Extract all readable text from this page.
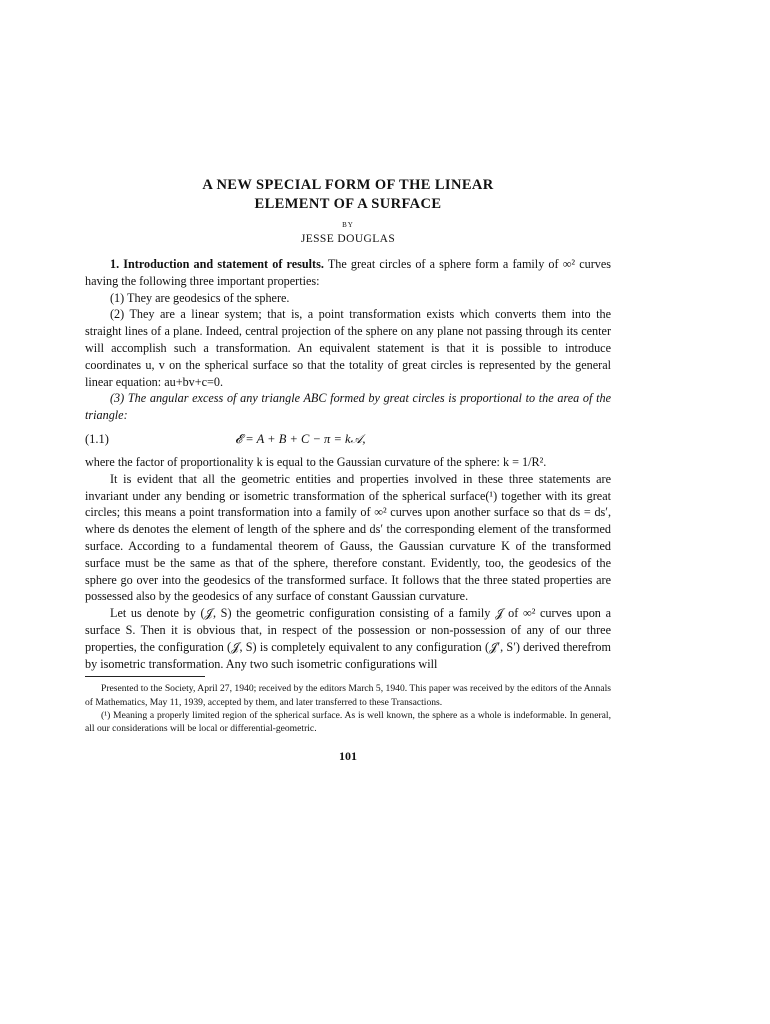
A NEW SPECIAL FORM OF THE LINEAR

ELEMENT OF A SURFACE

BY

JESSE DOUGLAS

1. Introduction and statement of results. The great circles of a sphere form a family of ∞² curves having the following three important properties:

(1) They are geodesics of the sphere.

(2) They are a linear system; that is, a point transformation exists which converts them into the straight lines of a plane. Indeed, central projection of the sphere on any plane not passing through its center will accomplish such a transformation. An equivalent statement is that it is possible to introduce coordinates u, v on the spherical surface so that the totality of great circles is represented by the general linear equation: au+bv+c=0.

(3) The angular excess of any triangle ABC formed by great circles is proportional to the area of the triangle:

(1.1)	𝓔 = A + B + C − π = k𝒜,

where the factor of proportionality k is equal to the Gaussian curvature of the sphere: k = 1/R².

It is evident that all the geometric entities and properties involved in these three statements are invariant under any bending or isometric transformation of the spherical surface(¹) together with its great circles; this means a point transformation into a family of ∞² curves upon another surface so that ds = ds′, where ds denotes the element of length of the sphere and ds′ the corresponding element of the transformed surface. According to a fundamental theorem of Gauss, the Gaussian curvature K of the transformed surface must be the same as that of the sphere, therefore constant. Evidently, too, the geodesics of the sphere go over into the geodesics of the transformed surface. It follows that the three stated properties are possessed also by the geodesics of any surface of constant Gaussian curvature.

Let us denote by (𝒥, S) the geometric configuration consisting of a family 𝒥 of ∞² curves upon a surface S. Then it is obvious that, in respect of the possession or non-possession of any of our three properties, the configuration (𝒥, S) is completely equivalent to any configuration (𝒥′, S′) derived therefrom by isometric transformation. Any two such isometric configurations will

Presented to the Society, April 27, 1940; received by the editors March 5, 1940. This paper was received by the editors of the Annals of Mathematics, May 11, 1939, accepted by them, and later transferred to these Transactions.

(¹) Meaning a properly limited region of the spherical surface. As is well known, the sphere as a whole is indeformable. In general, all our considerations will be local or differential-geometric.

101
